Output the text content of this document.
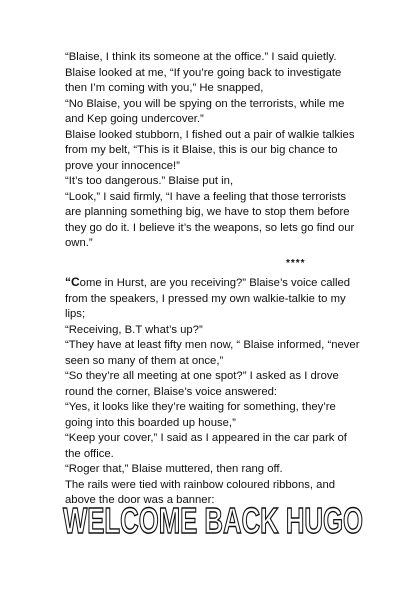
“Blaise, I think its someone at the office.” I said quietly.

Blaise looked at me, “If you’re going back to investigate then I’m coming with you,” He snapped,

“No Blaise, you will be spying on the terrorists, while me and Kep going undercover.”

Blaise looked stubborn, I fished out a pair of walkie talkies from my belt, “This is it Blaise, this is our big chance to prove your innocence!”

“It’s too dangerous.” Blaise put in,

“Look,” I said firmly, “I have a feeling that those terrorists are planning something big, we have to stop them before they go do it. I believe it’s the weapons, so lets go find our own.”

****

“Come in Hurst, are you receiving?” Blaise’s voice called from the speakers, I pressed my own walkie-talkie to my lips;

“Receiving, B.T what’s up?”

“They have at least fifty men now, “ Blaise informed, “never seen so many of them at once,”

“So they’re all meeting at one spot?” I asked as I drove round the corner, Blaise’s voice answered:

“Yes, it looks like they’re waiting for something, they’re going into this boarded up house,”

“Keep your cover,” I said as I appeared in the car park of the office.

“Roger that,” Blaise muttered, then rang off.

The rails were tied with rainbow coloured ribbons, and above the door was a banner:

WELCOME BACK HUGO
